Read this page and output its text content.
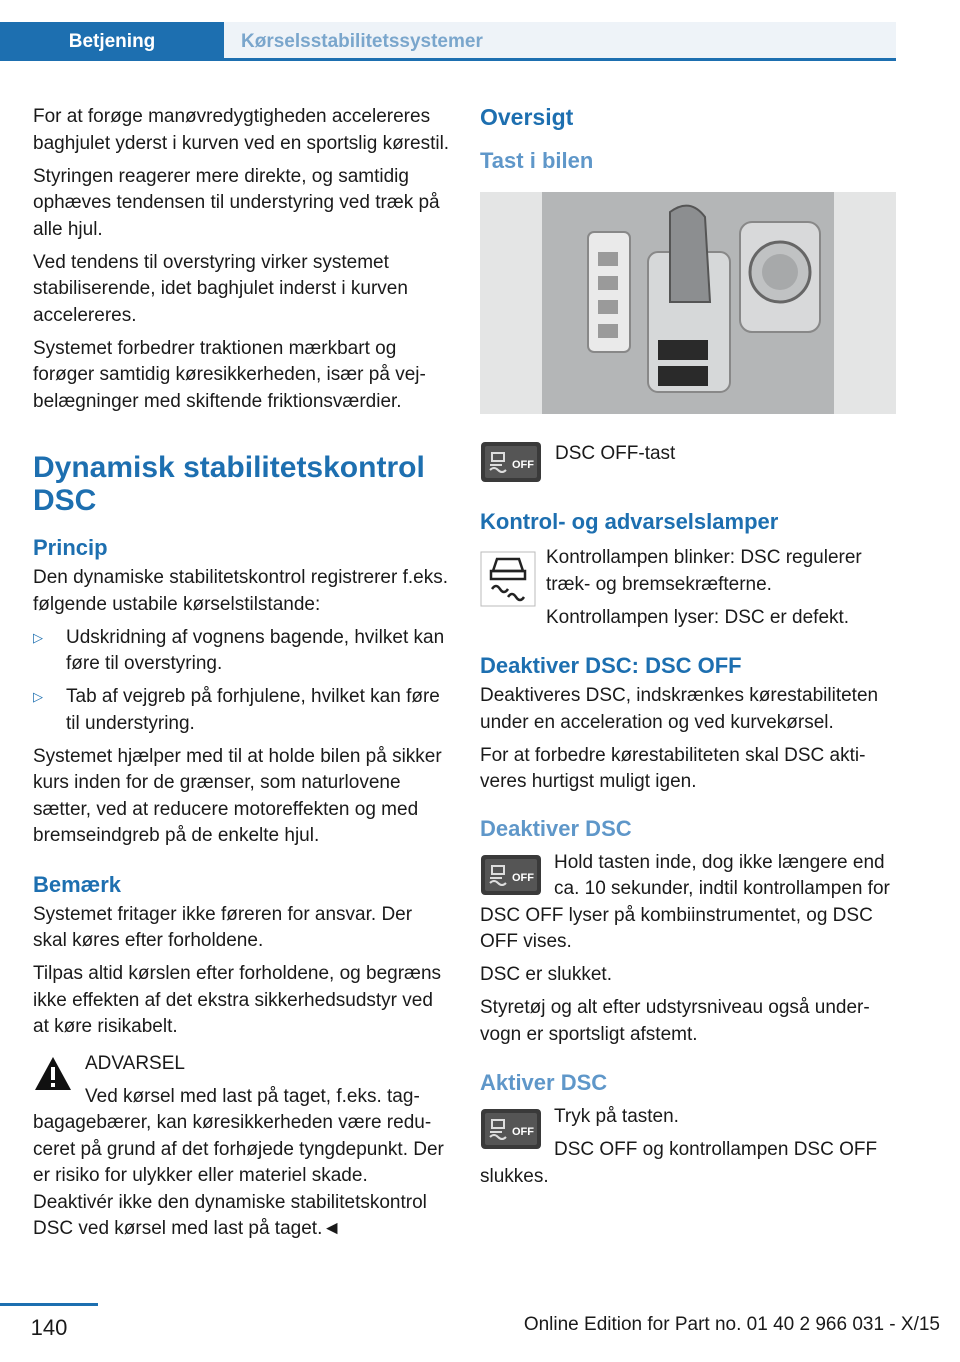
Betjening	Kørselsstabilitetssystemer

For at forøge manøvredygtigheden accelereres baghjulet yderst i kurven ved en sportslig kørestil.

Styringen reagerer mere direkte, og samtidig ophæves tendensen til understyring ved træk på alle hjul.

Ved tendens til overstyring virker systemet stabiliserende, idet baghjulet inderst i kurven accelereres.

Systemet forbedrer traktionen mærkbart og forøger samtidig køresikkerheden, især på vejbelægninger med skiftende friktionsværdier.

Dynamisk stabilitetskontrol DSC
Princip

Den dynamiske stabilitetskontrol registrerer f.eks. følgende ustabile kørselstilstande:

▷ Udskridning af vognens bagende, hvilket kan føre til overstyring.
▷ Tab af vejgreb på forhjulene, hvilket kan føre til understyring.

Systemet hjælper med til at holde bilen på sikker kurs inden for de grænser, som naturlovene sætter, ved at reducere motoreffekten og med bremseindgreb på de enkelte hjul.

Bemærk

Systemet fritager ikke føreren for ansvar. Der skal køres efter forholdene.

Tilpas altid kørslen efter forholdene, og begræns ikke effekten af det ekstra sikkerhedsudstyr ved at køre risikabelt.

ADVARSEL

Ved kørsel med last på taget, f.eks. tagbagagebærer, kan køresikkerheden være reduceret på grund af det forhøjede tyngdepunkt. Der er risiko for ulykker eller materiel skade. Deaktivér ikke den dynamiske stabilitetskontrol DSC ved kørsel med last på taget.◄

Oversigt
Tast i bilen
OFF
DSC OFF-tast
Kontrol- og advarselslamper

Kontrollampen blinker: DSC regulerer træk- og bremsekræfterne.

Kontrollampen lyser: DSC er defekt.

Deaktiver DSC: DSC OFF

Deaktiveres DSC, indskrænkes kørestabiliteten under en acceleration og ved kurvekørsel.

For at forbedre kørestabiliteten skal DSC aktiveres hurtigst muligt igen.

Deaktiver DSC
OFF

Hold tasten inde, dog ikke længere end ca. 10 sekunder, indtil kontrollampen for DSC OFF lyser på kombiinstrumentet, og DSC OFF vises.

DSC er slukket.

Styretøj og alt efter udstyrsniveau også undervogn er sportsligt afstemt.

Aktiver DSC
OFF

Tryk på tasten.

DSC OFF og kontrollampen DSC OFF slukkes.

140	Online Edition for Part no. 01 40 2 966 031 - X/15
